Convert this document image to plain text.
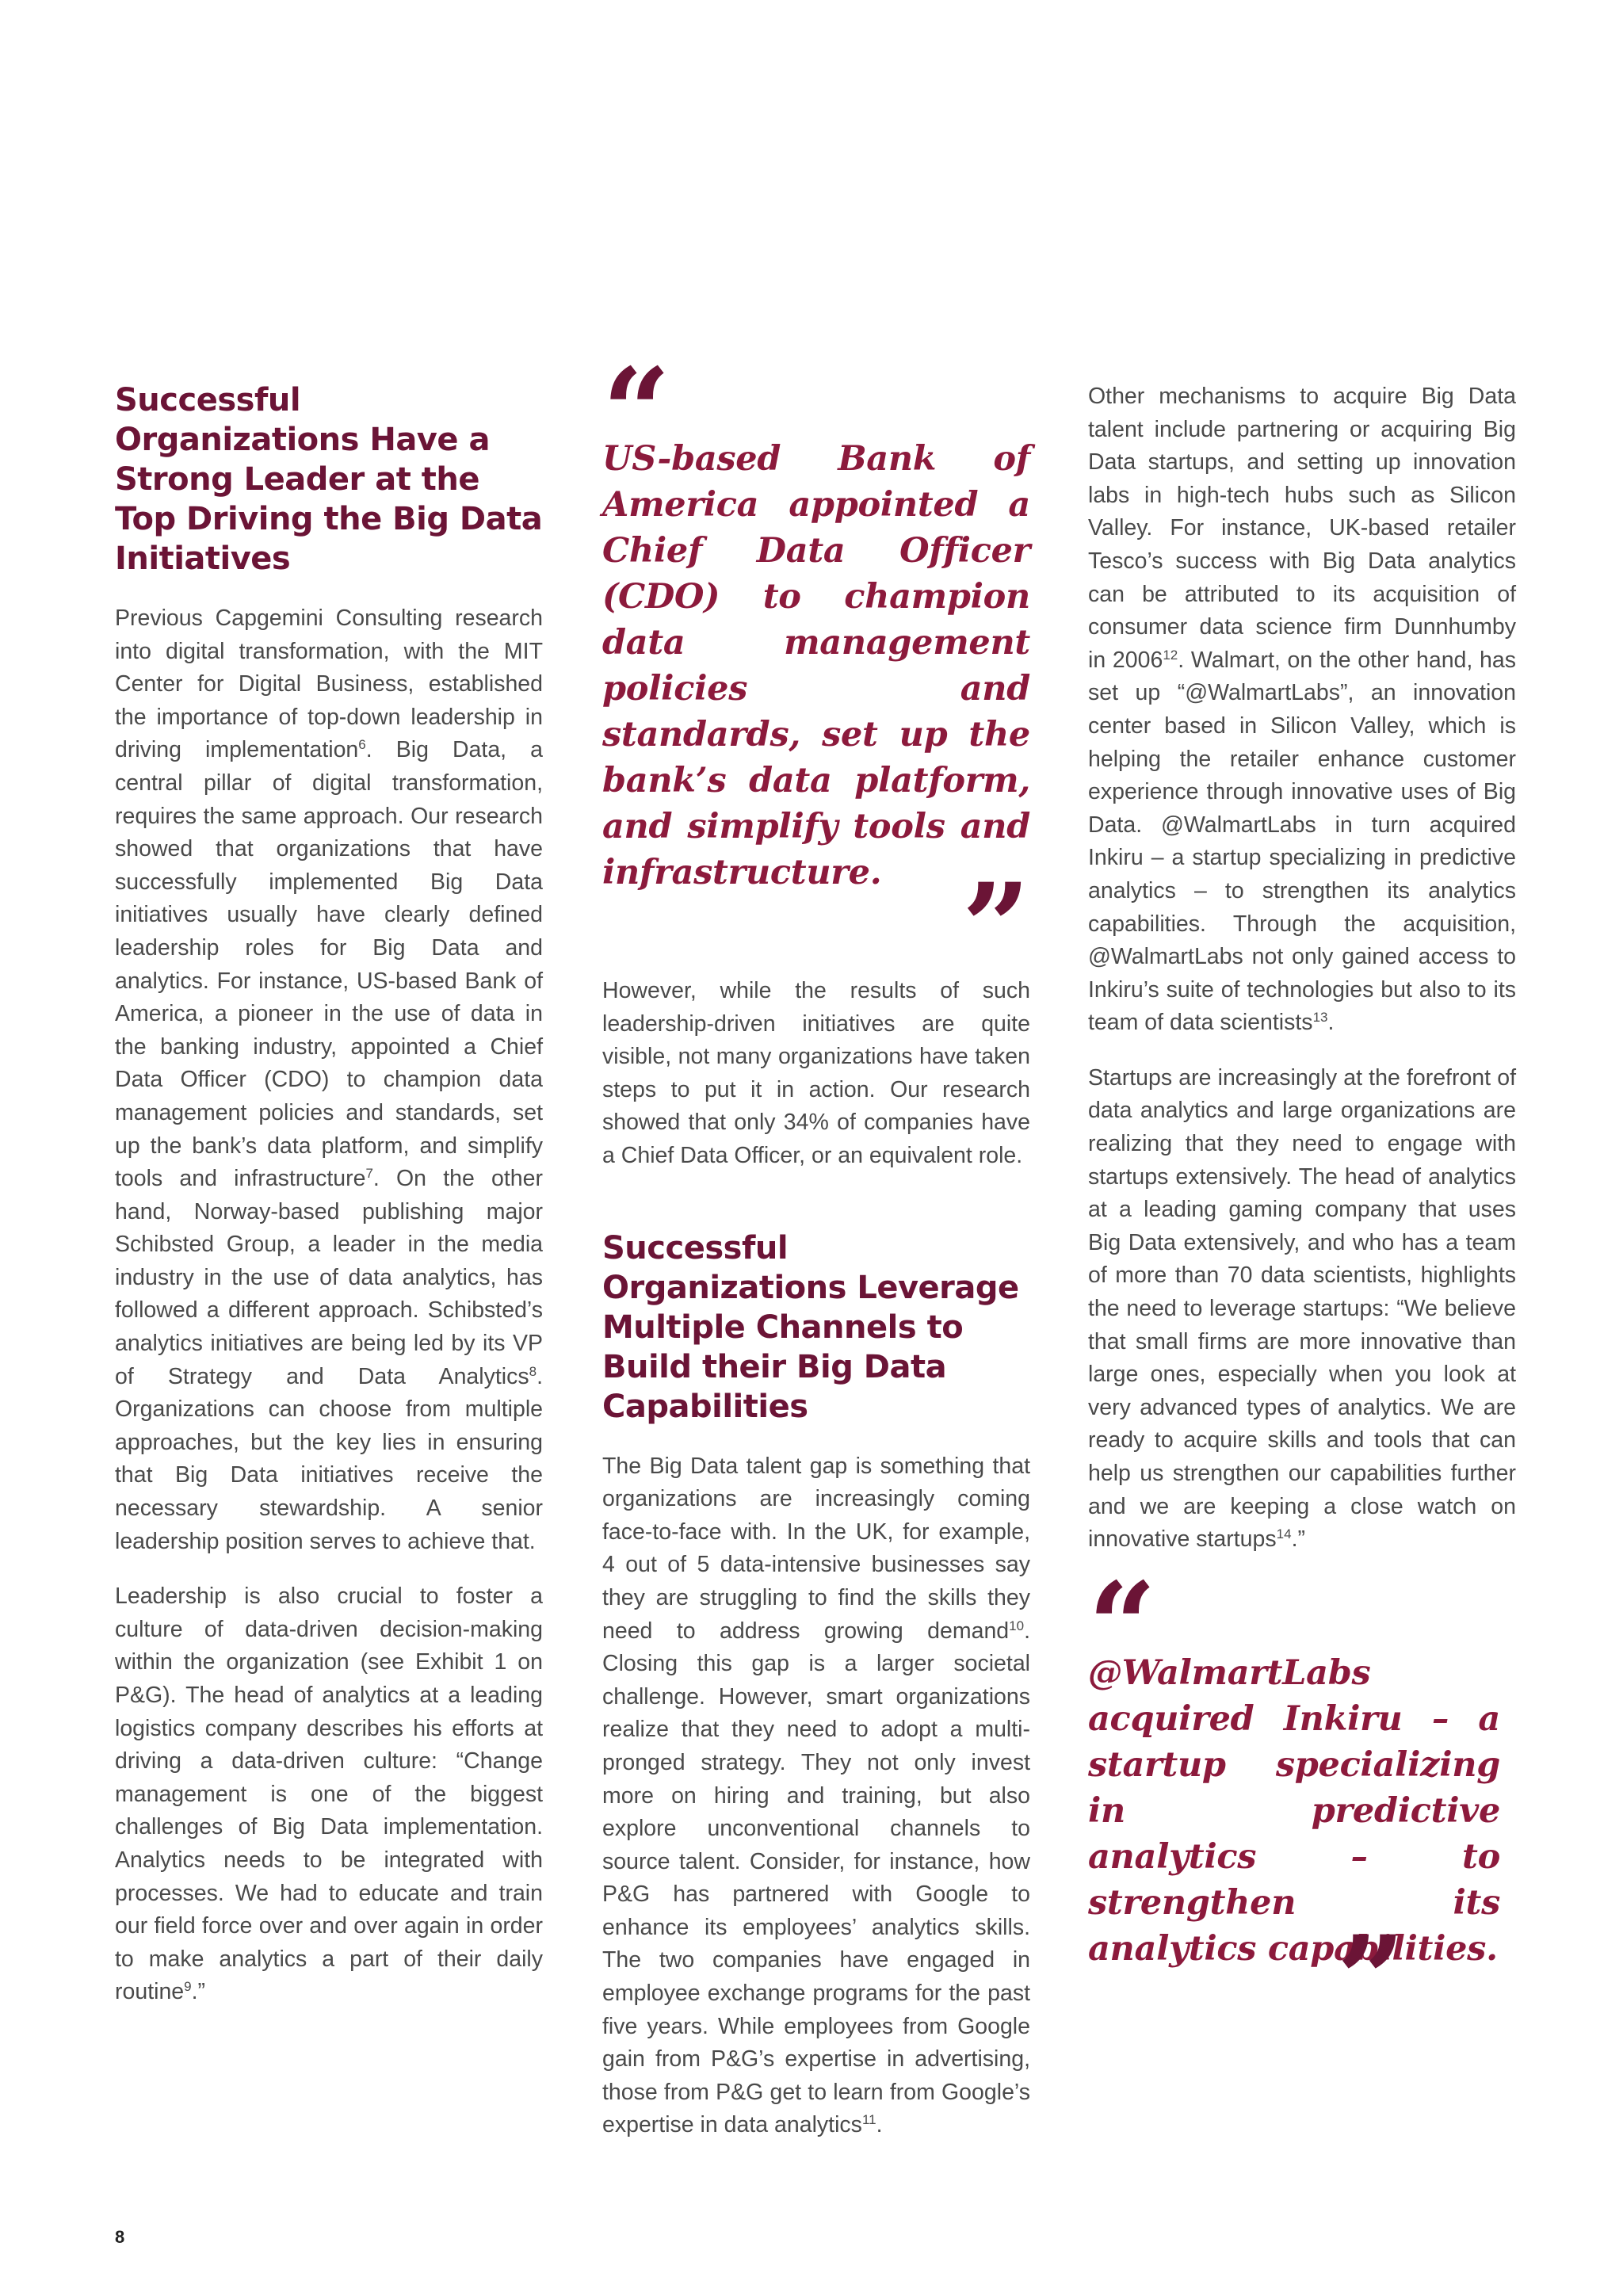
Successful Organizations Have a Strong Leader at the Top Driving the Big Data Initiatives

Previous Capgemini Consulting research into digital transformation, with the MIT Center for Digital Business, established the importance of top-down leadership in driving implementation$^6$. Big Data, a central pillar of digital transformation, requires the same approach. Our research showed that organizations that have successfully implemented Big Data initiatives usually have clearly defined leadership roles for Big Data and analytics. For instance, US-based Bank of America, a pioneer in the use of data in the banking industry, appointed a Chief Data Officer (CDO) to champion data management policies and standards, set up the bank’s data platform, and simplify tools and infrastructure$^7$. On the other hand, Norway-based publishing major Schibsted Group, a leader in the media industry in the use of data analytics, has followed a different approach. Schibsted’s analytics initiatives are being led by its VP of Strategy and Data Analytics$^8$. Organizations can choose from multiple approaches, but the key lies in ensuring that Big Data initiatives receive the necessary stewardship. A senior leadership position serves to achieve that.

Leadership is also crucial to foster a culture of data-driven decision-making within the organization (see Exhibit 1 on P&G). The head of analytics at a leading logistics company describes his efforts at driving a data-driven culture: “Change management is one of the biggest challenges of Big Data implementation. Analytics needs to be integrated with processes. We had to educate and train our field force over and over again in order to make analytics a part of their daily routine$^9$.”

“

US-based Bank of America appointed a Chief Data Officer (CDO) to champion data management policies and standards, set up the bank’s data platform, and simplify tools and infrastructure. ”

However, while the results of such leadership-driven initiatives are quite visible, not many organizations have taken steps to put it in action. Our research showed that only 34% of companies have a Chief Data Officer, or an equivalent role.

Successful Organizations Leverage Multiple Channels to Build their Big Data Capabilities

The Big Data talent gap is something that organizations are increasingly coming face-to-face with. In the UK, for example, 4 out of 5 data-intensive businesses say they are struggling to find the skills they need to address growing demand$^{10}$. Closing this gap is a larger societal challenge. However, smart organizations realize that they need to adopt a multi-pronged strategy. They not only invest more on hiring and training, but also explore unconventional channels to source talent. Consider, for instance, how P&G has partnered with Google to enhance its employees’ analytics skills. The two companies have engaged in employee exchange programs for the past five years. While employees from Google gain from P&G’s expertise in advertising, those from P&G get to learn from Google’s expertise in data analytics$^{11}$.

Other mechanisms to acquire Big Data talent include partnering or acquiring Big Data startups, and setting up innovation labs in high-tech hubs such as Silicon Valley. For instance, UK-based retailer Tesco’s success with Big Data analytics can be attributed to its acquisition of consumer data science firm Dunnhumby in 2006$^{12}$. Walmart, on the other hand, has set up “@WalmartLabs”, an innovation center based in Silicon Valley, which is helping the retailer enhance customer experience through innovative uses of Big Data. @WalmartLabs in turn acquired Inkiru – a startup specializing in predictive analytics – to strengthen its analytics capabilities. Through the acquisition, @WalmartLabs not only gained access to Inkiru’s suite of technologies but also to its team of data scientists$^{13}$.

Startups are increasingly at the forefront of data analytics and large organizations are realizing that they need to engage with startups extensively. The head of analytics at a leading gaming company that uses Big Data extensively, and who has a team of more than 70 data scientists, highlights the need to leverage startups: “We believe that small firms are more innovative than large ones, especially when you look at very advanced types of analytics. We are ready to acquire skills and tools that can help us strengthen our capabilities further and we are keeping a close watch on innovative startups$^{14}$.”

“

@WalmartLabs acquired Inkiru – a startup specializing in predictive analytics – to strengthen its analytics capabilities.

”
8
